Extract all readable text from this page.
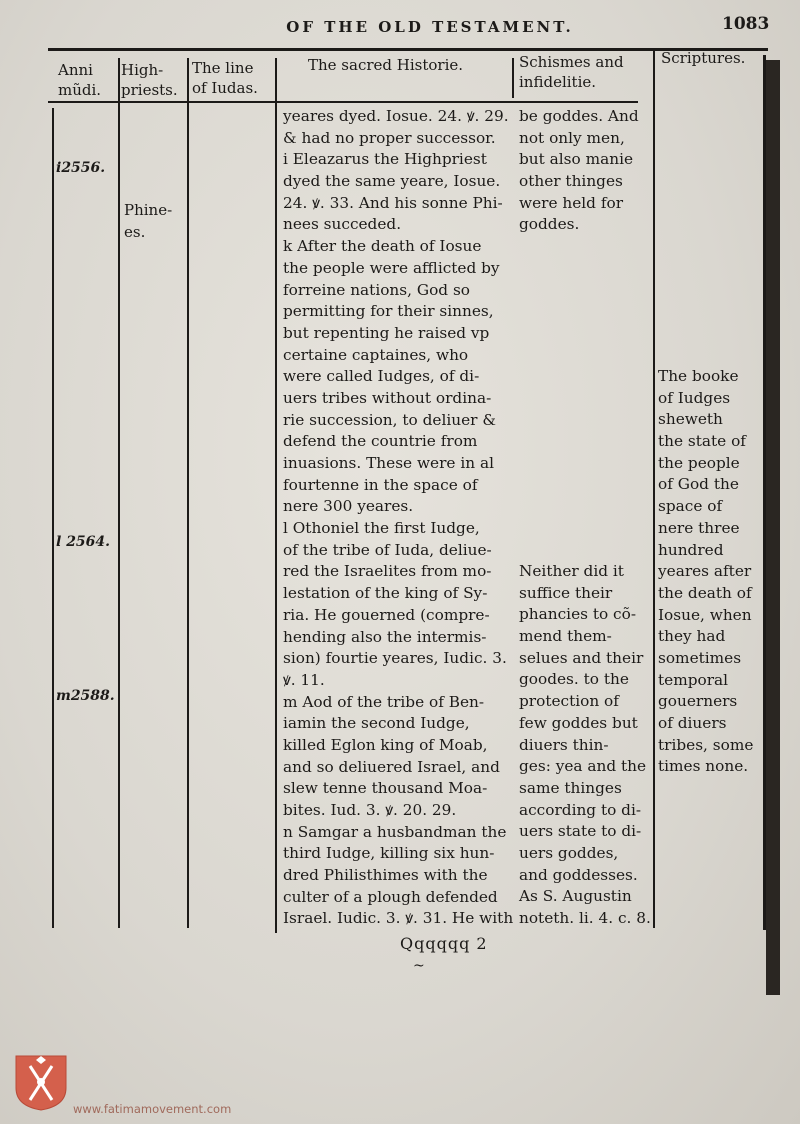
OF THE OLD TESTAMENT.	1083
Anni
mũdi.
High-
priests.
The line
of Iudas.
The sacred Historie.	Schismes and
infidelitie.
Scriptures.
i2556.
l 2564.
m2588.
Phine-
es.
yeares dyed. Iosue. 24. ꝟ. 29.
& had no proper successor.
i Eleazarus the Highpriest
dyed the same yeare, Iosue.
24. ꝟ. 33. And his sonne Phi-
nees succeded.
k After the death of Iosue
the people were afflicted by
forreine nations, God so
permitting for their sinnes,
but repenting he raised vp
certaine captaines, who
were called Iudges, of di-
uers tribes without ordina-
rie succession, to deliuer &
defend the countrie from
inuasions. These were in al
fourtenne in the space of
nere 300 yeares.
l Othoniel the first Iudge,
of the tribe of Iuda, deliue-
red the Israelites from mo-
lestation of the king of Sy-
ria. He gouerned (compre-
hending also the intermis-
sion) fourtie yeares, Iudic. 3.
ꝟ. 11.
m Aod of the tribe of Ben-
iamin the second Iudge,
killed Eglon king of Moab,
and so deliuered Israel, and
slew tenne thousand Moa-
bites. Iud. 3. ꝟ. 20. 29.
n Samgar a husbandman the
third Iudge, killing six hun-
dred Philisthimes with the
culter of a plough defended
Israel. Iudic. 3. ꝟ. 31. He with
be goddes. And
not only men,
but also manie
other thinges
were held for
goddes.
Neither did it
suffice their
phancies to cõ-
mend them-
selues and their
goodes. to the
protection of
few goddes but
diuers thin-
ges: yea and the
same thinges
according to di-
uers state to di-
uers goddes,
and goddesses.
As S. Augustin
noteth. li. 4. c. 8.
The booke
of Iudges
sheweth
the state of
the people
of God the
space of
nere three
hundred
yeares after
the death of
Iosue, when
they had
sometimes
temporal
gouerners
of diuers
tribes, some
times none.
Qqqqqq 2
~
www.fatimamovement.com
